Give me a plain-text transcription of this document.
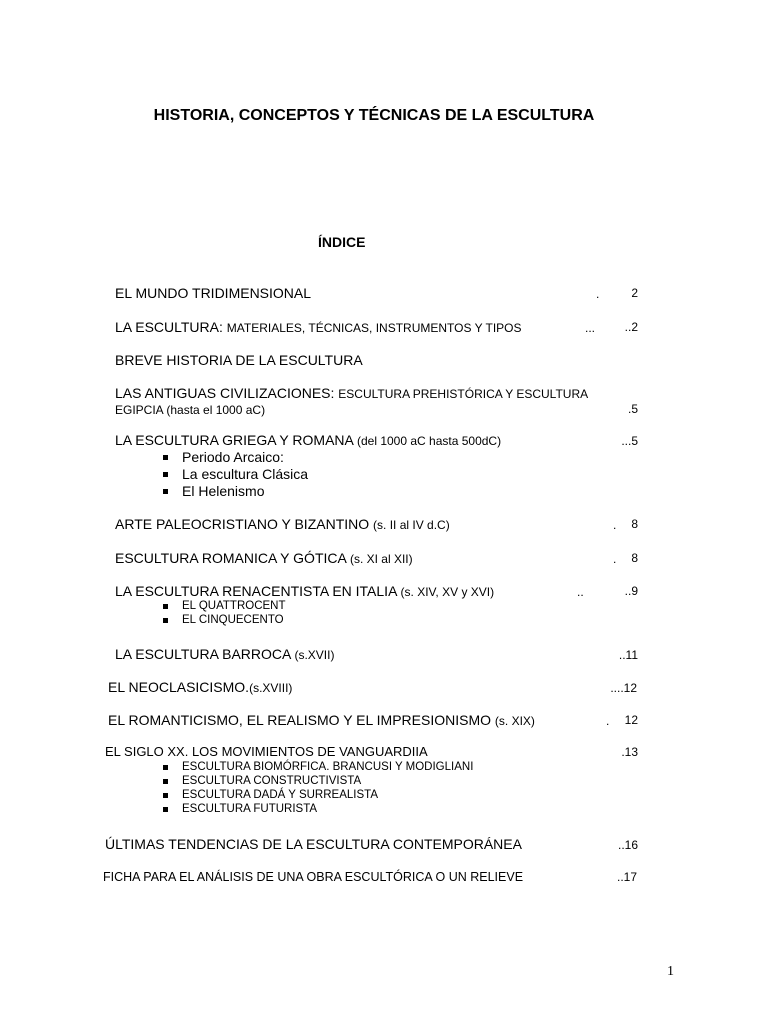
HISTORIA, CONCEPTOS Y TÉCNICAS DE LA ESCULTURA
ÍNDICE
EL MUNDO TRIDIMENSIONAL	.	2
LA ESCULTURA: MATERIALES, TÉCNICAS, INSTRUMENTOS Y TIPOS	... ..2
BREVE HISTORIA DE LA ESCULTURA
LAS ANTIGUAS CIVILIZACIONES: ESCULTURA PREHISTÓRICA Y ESCULTURA
EGIPCIA (hasta el 1000 aC)	.5
LA ESCULTURA GRIEGA Y ROMANA (del 1000 aC hasta 500dC)	...5
Periodo Arcaico:
La escultura Clásica
El Helenismo
ARTE PALEOCRISTIANO Y BIZANTINO (s. II al IV d.C)	. 8
ESCULTURA ROMANICA Y GÓTICA (s. XI al XII)	. 8
LA ESCULTURA RENACENTISTA EN ITALIA (s. XIV, XV y XVI)	..	..9
EL QUATTROCENT
EL CINQUECENTO
LA ESCULTURA BARROCA (s.XVII)	..11
EL NEOCLASICISMO.(s.XVIII)	....12
EL ROMANTICISMO, EL REALISMO Y EL IMPRESIONISMO (s. XIX)	. 12
EL SIGLO XX. LOS MOVIMIENTOS DE VANGUARDIIA	.13
ESCULTURA BIOMÓRFICA. BRANCUSI Y MODIGLIANI
ESCULTURA CONSTRUCTIVISTA
ESCULTURA DADÁ Y SURREALISTA
ESCULTURA FUTURISTA
ÚLTIMAS TENDENCIAS DE LA ESCULTURA CONTEMPORÁNEA	..16
FICHA PARA EL ANÁLISIS DE UNA OBRA ESCULTÓRICA O UN RELIEVE	..17
1
